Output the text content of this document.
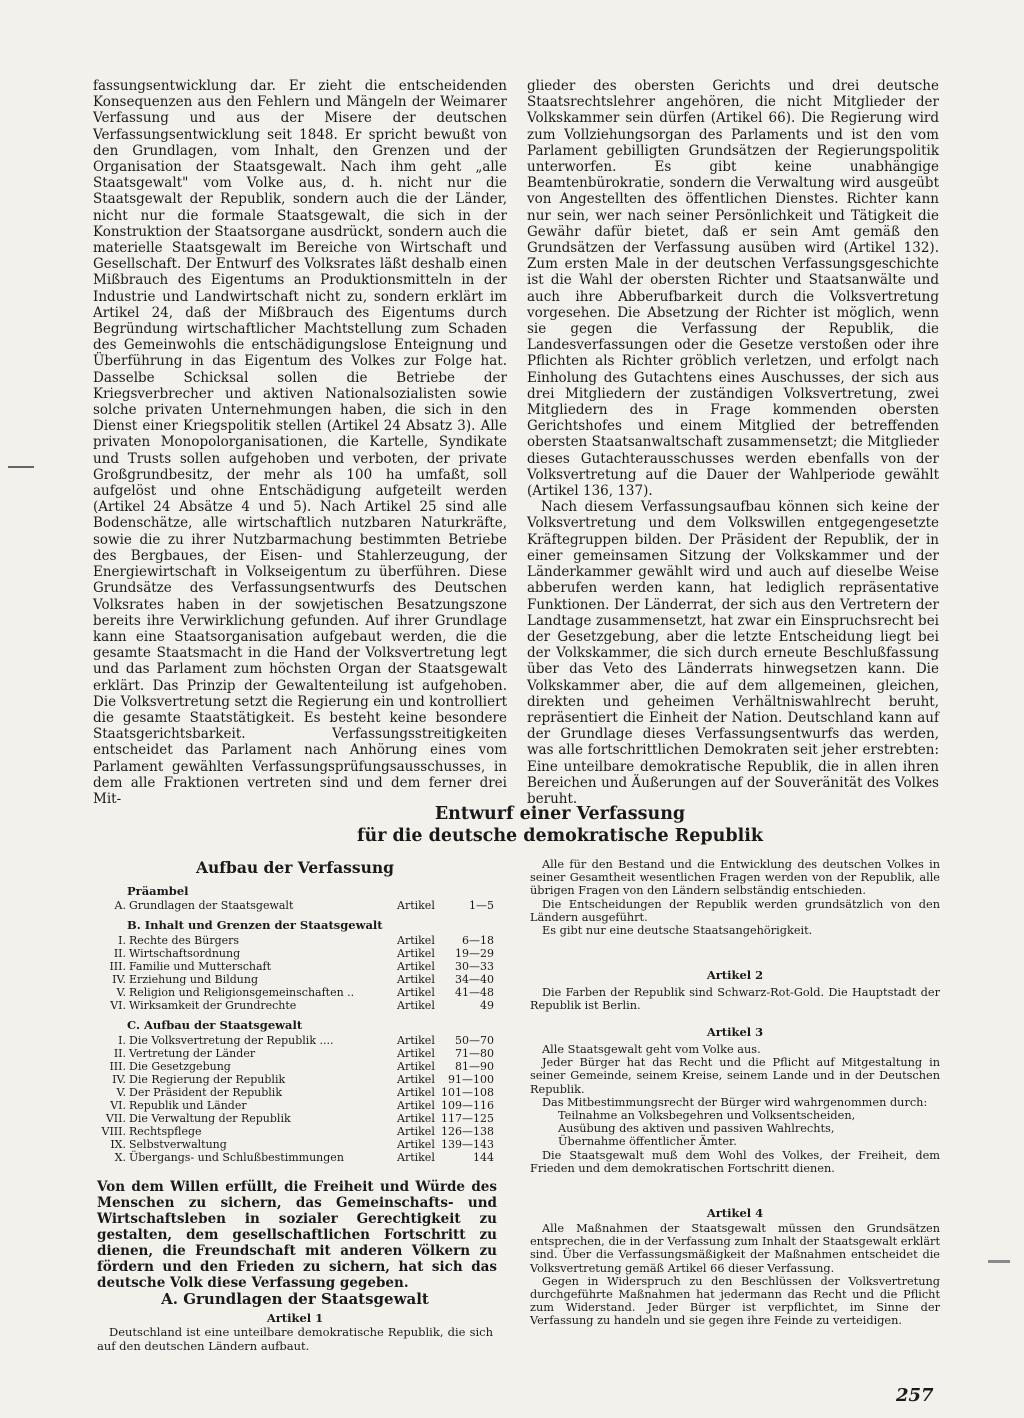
fassungsentwicklung dar. Er zieht die entscheidenden Konsequenzen aus den Fehlern und Mängeln der Weimarer Verfassung und aus der Misere der deutschen Verfassungsentwicklung seit 1848. Er spricht bewußt von den Grundlagen, vom Inhalt, den Grenzen und der Organisation der Staatsgewalt. Nach ihm geht „alle Staatsgewalt" vom Volke aus, d. h. nicht nur die Staatsgewalt der Republik, sondern auch die der Länder, nicht nur die formale Staatsgewalt, die sich in der Konstruktion der Staatsorgane ausdrückt, sondern auch die materielle Staatsgewalt im Bereiche von Wirtschaft und Gesellschaft. Der Entwurf des Volksrates läßt deshalb einen Mißbrauch des Eigentums an Produktionsmitteln in der Industrie und Landwirtschaft nicht zu, sondern erklärt im Artikel 24, daß der Mißbrauch des Eigentums durch Begründung wirtschaftlicher Machtstellung zum Schaden des Gemeinwohls die entschädigungslose Enteignung und Überführung in das Eigentum des Volkes zur Folge hat. Dasselbe Schicksal sollen die Betriebe der Kriegsverbrecher und aktiven Nationalsozialisten sowie solche privaten Unternehmungen haben, die sich in den Dienst einer Kriegspolitik stellen (Artikel 24 Absatz 3). Alle privaten Monopolorganisationen, die Kartelle, Syndikate und Trusts sollen aufgehoben und verboten, der private Großgrundbesitz, der mehr als 100 ha umfaßt, soll aufgelöst und ohne Entschädigung aufgeteilt werden (Artikel 24 Absätze 4 und 5). Nach Artikel 25 sind alle Bodenschätze, alle wirtschaftlich nutzbaren Naturkräfte, sowie die zu ihrer Nutzbarmachung bestimmten Betriebe des Bergbaues, der Eisen- und Stahlerzeugung, der Energiewirtschaft in Volkseigentum zu überführen. Diese Grundsätze des Verfassungsentwurfs des Deutschen Volksrates haben in der sowjetischen Besatzungszone bereits ihre Verwirklichung gefunden. Auf ihrer Grundlage kann eine Staatsorganisation aufgebaut werden, die die gesamte Staatsmacht in die Hand der Volksvertretung legt und das Parlament zum höchsten Organ der Staatsgewalt erklärt. Das Prinzip der Gewaltenteilung ist aufgehoben. Die Volksvertretung setzt die Regierung ein und kontrolliert die gesamte Staatstätigkeit. Es besteht keine besondere Staatsgerichtsbarkeit. Verfassungsstreitigkeiten entscheidet das Parlament nach Anhörung eines vom Parlament gewählten Verfassungsprüfungsausschusses, in dem alle Fraktionen vertreten sind und dem ferner drei Mit-

glieder des obersten Gerichts und drei deutsche Staatsrechtslehrer angehören, die nicht Mitglieder der Volkskammer sein dürfen (Artikel 66). Die Regierung wird zum Vollziehungsorgan des Parlaments und ist den vom Parlament gebilligten Grundsätzen der Regierungspolitik unterworfen. Es gibt keine unabhängige Beamtenbürokratie, sondern die Verwaltung wird ausgeübt von Angestellten des öffentlichen Dienstes. Richter kann nur sein, wer nach seiner Persönlichkeit und Tätigkeit die Gewähr dafür bietet, daß er sein Amt gemäß den Grundsätzen der Verfassung ausüben wird (Artikel 132). Zum ersten Male in der deutschen Verfassungsgeschichte ist die Wahl der obersten Richter und Staatsanwälte und auch ihre Abberufbarkeit durch die Volksvertretung vorgesehen. Die Absetzung der Richter ist möglich, wenn sie gegen die Verfassung der Republik, die Landesverfassungen oder die Gesetze verstoßen oder ihre Pflichten als Richter gröblich verletzen, und erfolgt nach Einholung des Gutachtens eines Auschusses, der sich aus drei Mitgliedern der zuständigen Volksvertretung, zwei Mitgliedern des in Frage kommenden obersten Gerichtshofes und einem Mitglied der betreffenden obersten Staatsanwaltschaft zusammensetzt; die Mitglieder dieses Gutachterausschusses werden ebenfalls von der Volksvertretung auf die Dauer der Wahlperiode gewählt (Artikel 136, 137).

Nach diesem Verfassungsaufbau können sich keine der Volksvertretung und dem Volkswillen entgegengesetzte Kräftegruppen bilden. Der Präsident der Republik, der in einer gemeinsamen Sitzung der Volkskammer und der Länderkammer gewählt wird und auch auf dieselbe Weise abberufen werden kann, hat lediglich repräsentative Funktionen. Der Länderrat, der sich aus den Vertretern der Landtage zusammensetzt, hat zwar ein Einspruchsrecht bei der Gesetzgebung, aber die letzte Entscheidung liegt bei der Volkskammer, die sich durch erneute Beschlußfassung über das Veto des Länderrats hinwegsetzen kann. Die Volkskammer aber, die auf dem allgemeinen, gleichen, direkten und geheimen Verhältniswahlrecht beruht, repräsentiert die Einheit der Nation. Deutschland kann auf der Grundlage dieses Verfassungsentwurfs das werden, was alle fortschrittlichen Demokraten seit jeher erstrebten: Eine unteilbare demokratische Republik, die in allen ihren Bereichen und Äußerungen auf der Souveränität des Volkes beruht.

Entwurf einer Verfassung
für die deutsche demokratische Republik
Aufbau der Verfassung
Präambel
A. Grundlagen der Staatsgewalt	Artikel	1—5
B. Inhalt und Grenzen der Staatsgewalt
I. Rechte des Bürgers	Artikel 6—18
II. Wirtschaftsordnung	Artikel 19—29
III. Familie und Mutterschaft	Artikel 30—33
IV. Erziehung und Bildung	Artikel 34—40
V. Religion und Religionsgemeinschaften ..	Artikel 41—48
VI. Wirksamkeit der Grundrechte	Artikel	49
C. Aufbau der Staatsgewalt
I. Die Volksvertretung der Republik ....	Artikel 50—70
II. Vertretung der Länder	Artikel 71—80
III. Die Gesetzgebung	Artikel 81—90
IV. Die Regierung der Republik	Artikel 91—100
V. Der Präsident der Republik	Artikel 101—108
VI. Republik und Länder	Artikel 109—116
VII. Die Verwaltung der Republik	Artikel 117—125
VIII. Rechtspflege	Artikel 126—138
IX. Selbstverwaltung	Artikel 139—143
X. Übergangs- und Schlußbestimmungen	Artikel	144
Von dem Willen erfüllt, die Freiheit und Würde des Menschen zu sichern, das Gemeinschafts- und Wirtschaftsleben in sozialer Gerechtigkeit zu gestalten, dem gesellschaftlichen Fortschritt zu dienen, die Freundschaft mit anderen Völkern zu fördern und den Frieden zu sichern, hat sich das deutsche Volk diese Verfassung gegeben.
A. Grundlagen der Staatsgewalt
Artikel 1
Deutschland ist eine unteilbare demokratische Republik, die sich auf den deutschen Ländern aufbaut.

Alle für den Bestand und die Entwicklung des deutschen Volkes in seiner Gesamtheit wesentlichen Fragen werden von der Republik, alle übrigen Fragen von den Ländern selbständig entschieden.

Die Entscheidungen der Republik werden grundsätzlich von den Ländern ausgeführt.

Es gibt nur eine deutsche Staatsangehörigkeit.

Artikel 2

Die Farben der Republik sind Schwarz-Rot-Gold. Die Hauptstadt der Republik ist Berlin.

Artikel 3

Alle Staatsgewalt geht vom Volke aus.

Jeder Bürger hat das Recht und die Pflicht auf Mitgestaltung in seiner Gemeinde, seinem Kreise, seinem Lande und in der Deutschen Republik.

Das Mitbestimmungsrecht der Bürger wird wahrgenommen durch:

Teilnahme an Volksbegehren und Volksentscheiden,
Ausübung des aktiven und passiven Wahlrechts,
Übernahme öffentlicher Ämter.

Die Staatsgewalt muß dem Wohl des Volkes, der Freiheit, dem Frieden und dem demokratischen Fortschritt dienen.

Artikel 4

Alle Maßnahmen der Staatsgewalt müssen den Grundsätzen entsprechen, die in der Verfassung zum Inhalt der Staatsgewalt erklärt sind. Über die Verfassungsmäßigkeit der Maßnahmen entscheidet die Volksvertretung gemäß Artikel 66 dieser Verfassung.

Gegen in Widerspruch zu den Beschlüssen der Volksvertretung durchgeführte Maßnahmen hat jedermann das Recht und die Pflicht zum Widerstand. Jeder Bürger ist verpflichtet, im Sinne der Verfassung zu handeln und sie gegen ihre Feinde zu verteidigen.

257
